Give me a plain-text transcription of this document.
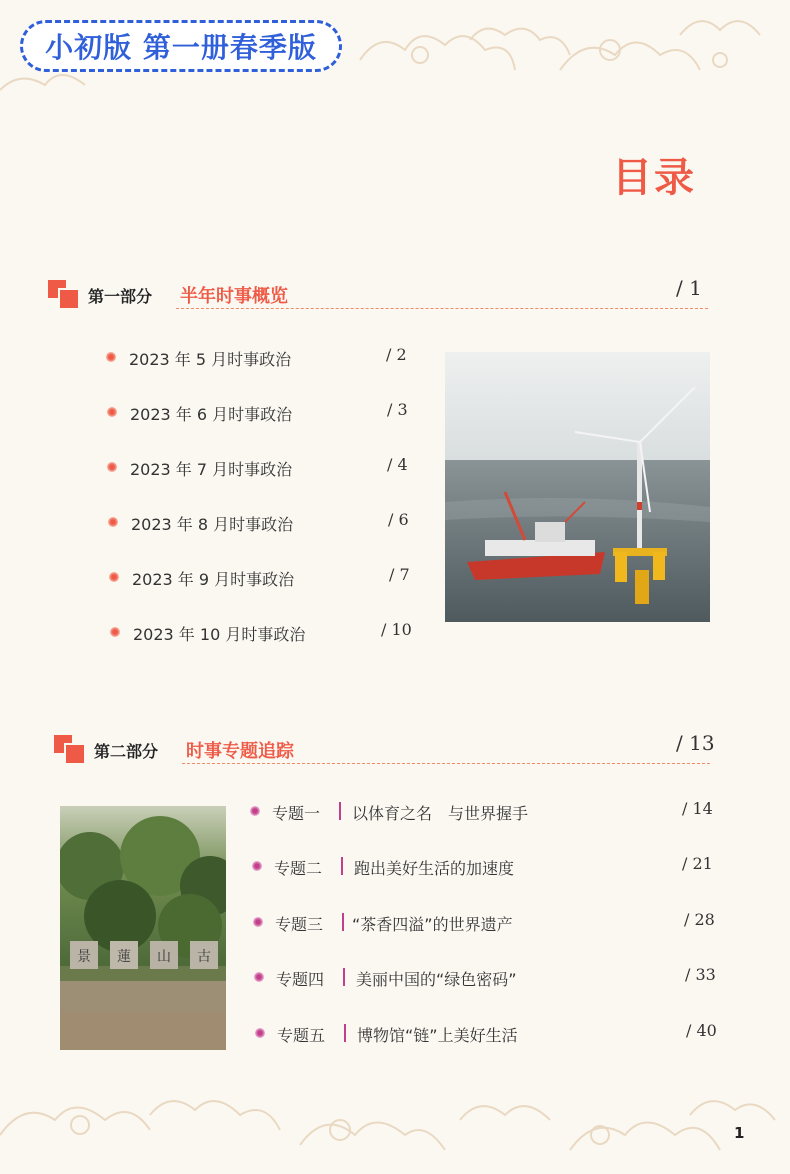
小初版 第一册春季版
目录
第一部分 半年时事概览	/ 1
2023 年 5 月时事政治	/ 2
2023 年 6 月时事政治	/ 3
2023 年 7 月时事政治	/ 4
2023 年 8 月时事政治	/ 6
2023 年 9 月时事政治	/ 7
2023 年 10 月时事政治	/ 10
第二部分 时事专题追踪	/ 13
景 蓮 山 古
专题一 以体育之名　与世界握手	/ 14
专题二 跑出美好生活的加速度	/ 21
专题三 “茶香四溢”的世界遗产	/ 28
专题四 美丽中国的“绿色密码”	/ 33
专题五 博物馆“链”上美好生活	/ 40
1
